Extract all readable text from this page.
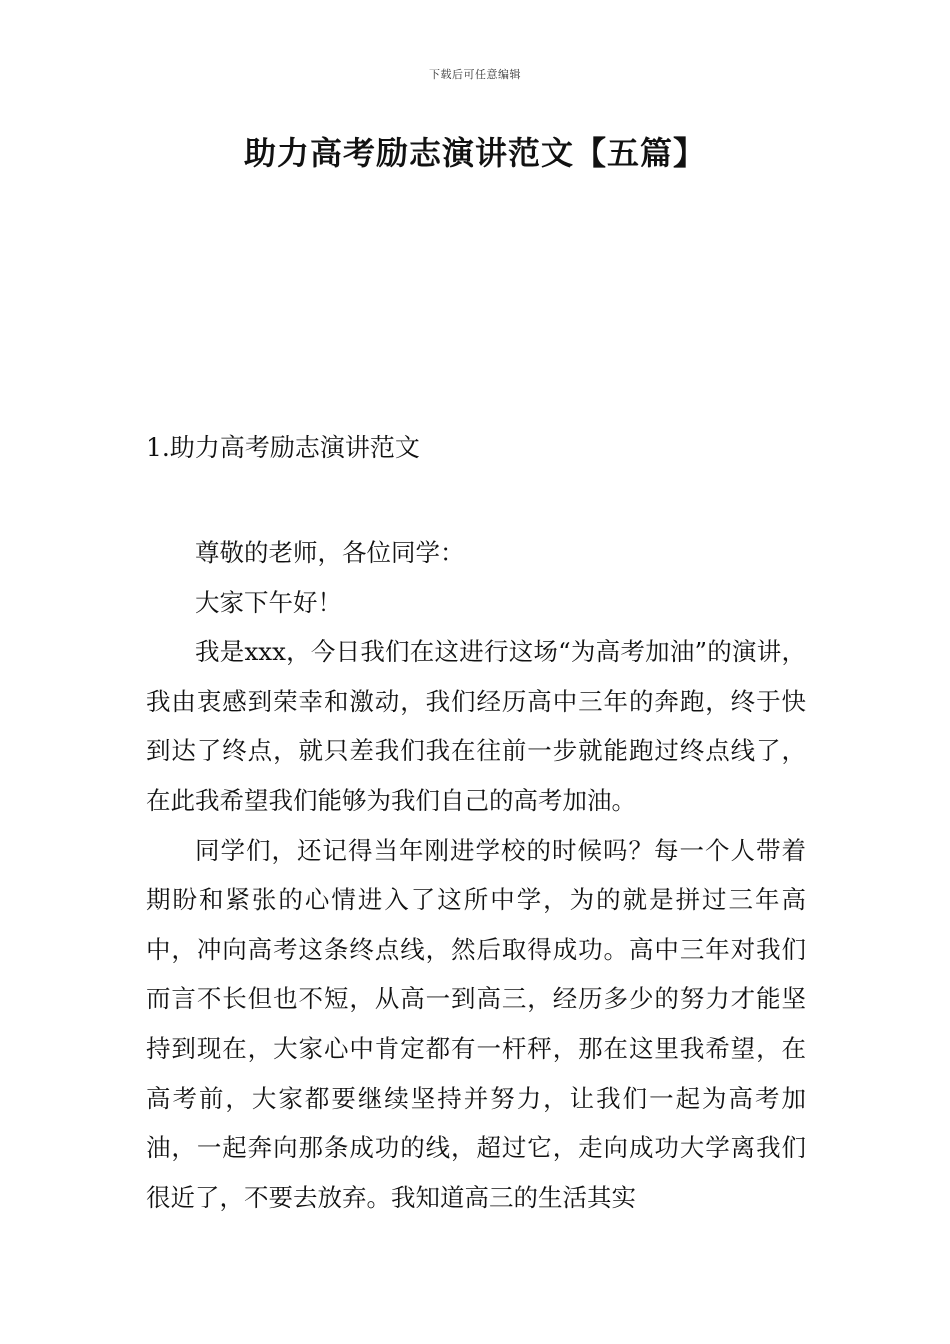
下载后可任意编辑
助力高考励志演讲范文【五篇】
1.助力高考励志演讲范文

尊敬的老师，各位同学：

大家下午好！

我是xxx，今日我们在这进行这场“为高考加油”的演讲，我由衷感到荣幸和激动，我们经历高中三年的奔跑，终于快到达了终点，就只差我们我在往前一步就能跑过终点线了，在此我希望我们能够为我们自己的高考加油。

同学们，还记得当年刚进学校的时候吗？每一个人带着期盼和紧张的心情进入了这所中学，为的就是拼过三年高中，冲向高考这条终点线，然后取得成功。高中三年对我们而言不长但也不短，从高一到高三，经历多少的努力才能坚持到现在，大家心中肯定都有一杆秤，那在这里我希望，在高考前，大家都要继续坚持并努力，让我们一起为高考加油，一起奔向那条成功的线，超过它，走向成功大学离我们很近了，不要去放弃。我知道高三的生活其实
